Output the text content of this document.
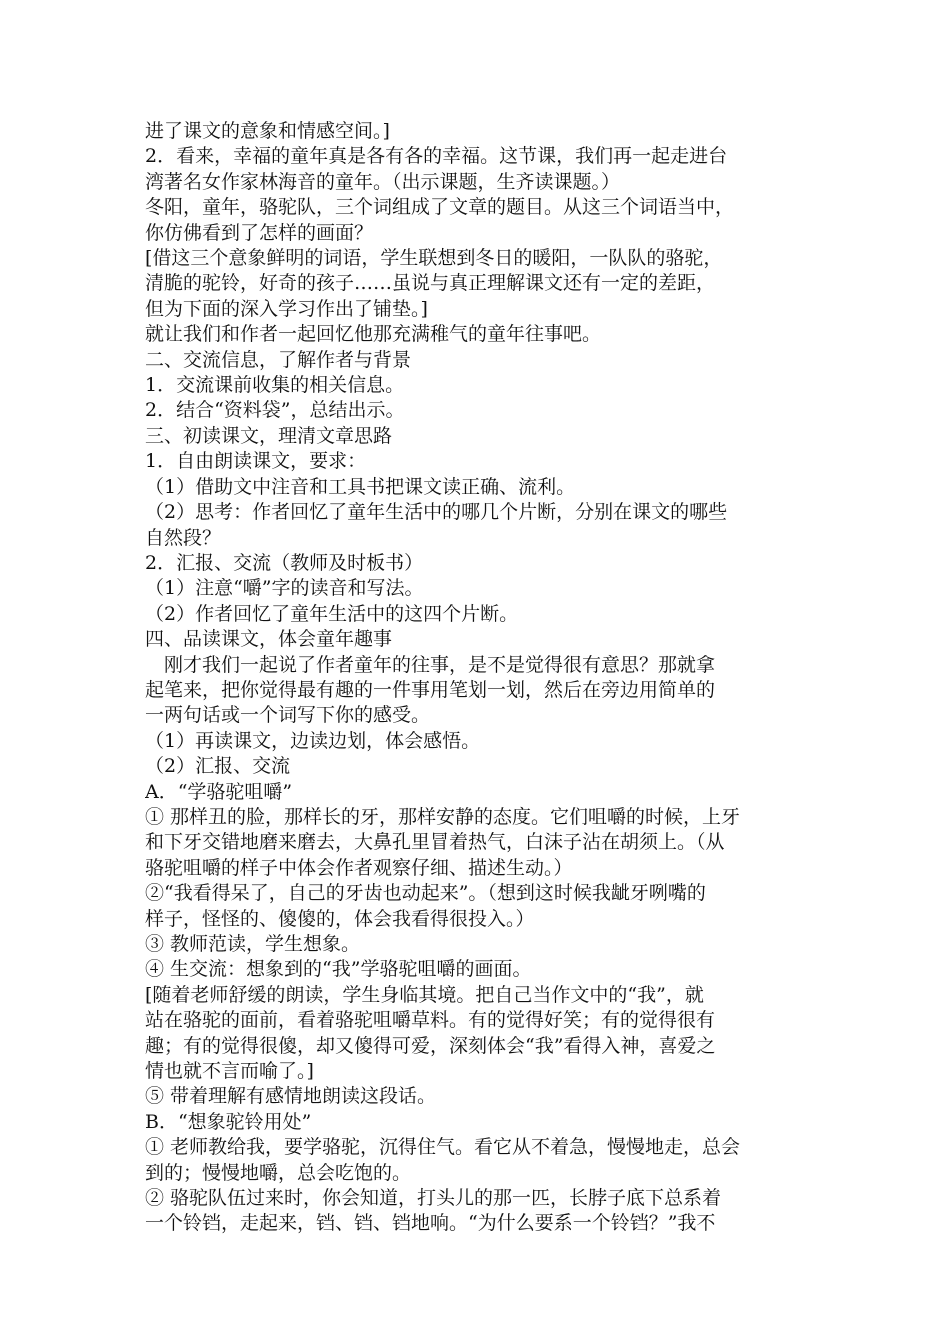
进了课文的意象和情感空间。]
2．看来，幸福的童年真是各有各的幸福。这节课，我们再一起走进台
湾著名女作家林海音的童年。（出示课题，生齐读课题。）
冬阳，童年，骆驼队，三个词组成了文章的题目。从这三个词语当中，
你仿佛看到了怎样的画面？
[借这三个意象鲜明的词语，学生联想到冬日的暖阳，一队队的骆驼，
清脆的驼铃，好奇的孩子……虽说与真正理解课文还有一定的差距，
但为下面的深入学习作出了铺垫。]
就让我们和作者一起回忆他那充满稚气的童年往事吧。
二、交流信息，了解作者与背景
1．交流课前收集的相关信息。
2．结合“资料袋”，总结出示。
三、初读课文，理清文章思路
1．自由朗读课文，要求：
（1）借助文中注音和工具书把课文读正确、流利。
（2）思考：作者回忆了童年生活中的哪几个片断，分别在课文的哪些
自然段？
2．汇报、交流（教师及时板书）
（1）注意“嚼”字的读音和写法。
（2）作者回忆了童年生活中的这四个片断。
四、品读课文，体会童年趣事
　刚才我们一起说了作者童年的往事，是不是觉得很有意思？那就拿
起笔来，把你觉得最有趣的一件事用笔划一划，然后在旁边用简单的
一两句话或一个词写下你的感受。
（1）再读课文，边读边划，体会感悟。
（2）汇报、交流
A．“学骆驼咀嚼”
① 那样丑的脸，那样长的牙，那样安静的态度。它们咀嚼的时候，上牙
和下牙交错地磨来磨去，大鼻孔里冒着热气，白沫子沾在胡须上。（从
骆驼咀嚼的样子中体会作者观察仔细、描述生动。）
②“我看得呆了，自己的牙齿也动起来”。（想到这时候我龇牙咧嘴的
样子，怪怪的、傻傻的，体会我看得很投入。）
③ 教师范读，学生想象。
④ 生交流：想象到的“我”学骆驼咀嚼的画面。
[随着老师舒缓的朗读，学生身临其境。把自己当作文中的“我”，就
站在骆驼的面前，看着骆驼咀嚼草料。有的觉得好笑；有的觉得很有
趣；有的觉得很傻，却又傻得可爱，深刻体会“我”看得入神，喜爱之
情也就不言而喻了。]
⑤ 带着理解有感情地朗读这段话。
B．“想象驼铃用处”
① 老师教给我，要学骆驼，沉得住气。看它从不着急，慢慢地走，总会
到的；慢慢地嚼，总会吃饱的。
② 骆驼队伍过来时，你会知道，打头儿的那一匹，长脖子底下总系着
一个铃铛，走起来，铛、铛、铛地响。“为什么要系一个铃铛？”我不
